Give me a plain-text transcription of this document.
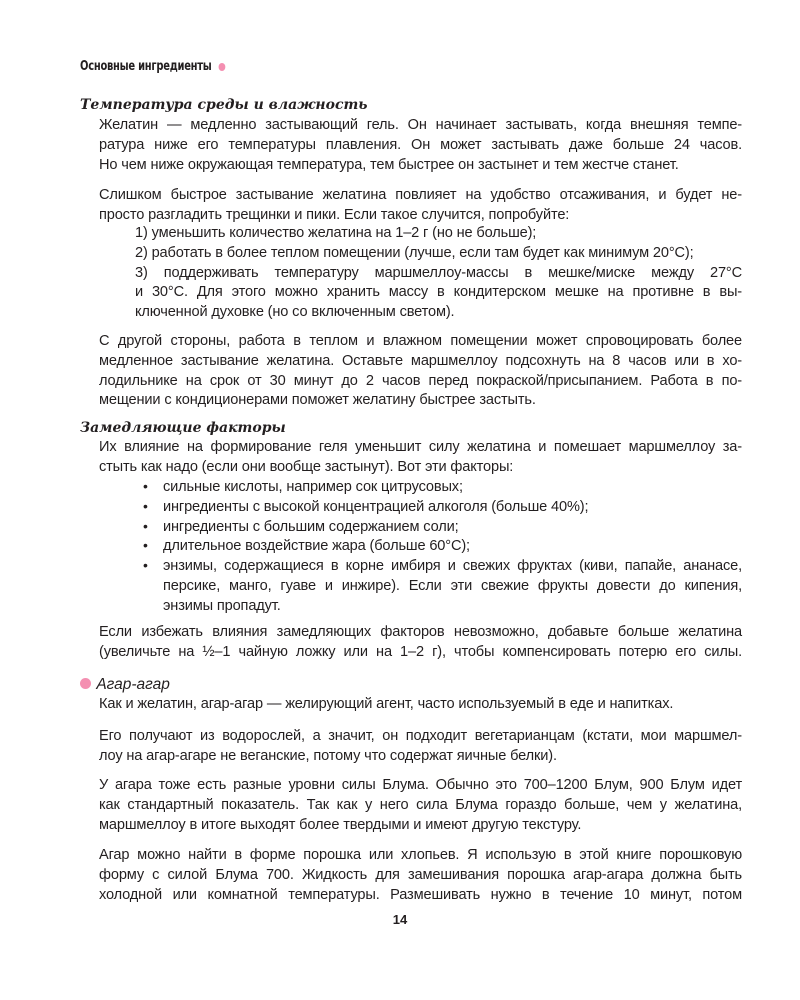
Основные ингредиенты
Температура среды и влажность
Желатин — медленно застывающий гель. Он начинает застывать, когда внешняя темпе-
ратура ниже его температуры плавления. Он может застывать даже больше 24 часов.
Но чем ниже окружающая температура, тем быстрее он застынет и тем жестче станет.
Слишком быстрое застывание желатина повлияет на удобство отсаживания, и будет не-
просто разгладить трещинки и пики. Если такое случится, попробуйте:
1) уменьшить количество желатина на 1–2 г (но не больше);
2) работать в более теплом помещении (лучше, если там будет как минимум 20°C);
3) поддерживать температуру маршмеллоу-массы в мешке/миске между 27°C
и 30°C. Для этого можно хранить массу в кондитерском мешке на противне в вы-
ключенной духовке (но со включенным светом).
С другой стороны, работа в теплом и влажном помещении может спровоцировать более
медленное застывание желатина. Оставьте маршмеллоу подсохнуть на 8 часов или в хо-
лодильнике на срок от 30 минут до 2 часов перед покраской/присыпанием. Работа в по-
мещении с кондиционерами поможет желатину быстрее застыть.
Замедляющие факторы
Их влияние на формирование геля уменьшит силу желатина и помешает маршмеллоу за-
стыть как надо (если они вообще застынут). Вот эти факторы:
• сильные кислоты, например сок цитрусовых;
• ингредиенты с высокой концентрацией алкоголя (больше 40%);
• ингредиенты с большим содержанием соли;
• длительное воздействие жара (больше 60°C);
• энзимы, содержащиеся в корне имбиря и свежих фруктах (киви, папайе, ананасе,
персике, манго, гуаве и инжире). Если эти свежие фрукты довести до кипения,
энзимы пропадут.
Если избежать влияния замедляющих факторов невозможно, добавьте больше желатина
(увеличьте на ½–1 чайную ложку или на 1–2 г), чтобы компенсировать потерю его силы.
Агар-агар
Как и желатин, агар-агар — желирующий агент, часто используемый в еде и напитках.
Его получают из водорослей, а значит, он подходит вегетарианцам (кстати, мои маршмел-
лоу на агар-агаре не веганские, потому что содержат яичные белки).
У агара тоже есть разные уровни силы Блума. Обычно это 700–1200 Блум, 900 Блум идет
как стандартный показатель. Так как у него сила Блума гораздо больше, чем у желатина,
маршмеллоу в итоге выходят более твердыми и имеют другую текстуру.
Агар можно найти в форме порошка или хлопьев. Я использую в этой книге порошковую
форму с силой Блума 700. Жидкость для замешивания порошка агар-агара должна быть
холодной или комнатной температуры. Размешивать нужно в течение 10 минут, потом
14
